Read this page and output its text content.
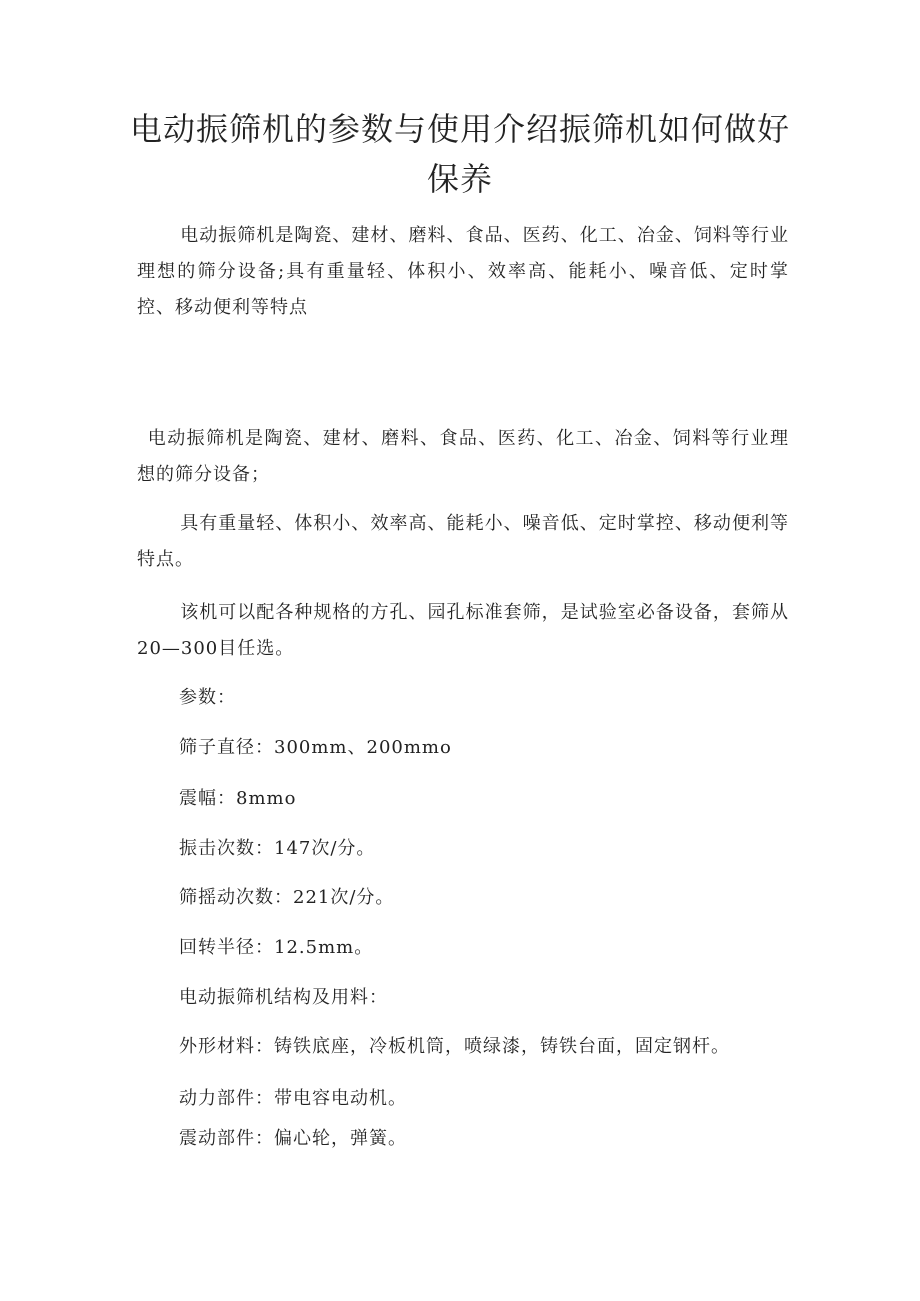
电动振筛机的参数与使用介绍振筛机如何做好保养

电动振筛机是陶瓷、建材、磨料、食品、医药、化工、冶金、饲料等行业理想的筛分设备;具有重量轻、体积小、效率高、能耗小、噪音低、定时掌控、移动便利等特点

电动振筛机是陶瓷、建材、磨料、食品、医药、化工、冶金、饲料等行业理想的筛分设备；

具有重量轻、体积小、效率高、能耗小、噪音低、定时掌控、移动便利等特点。

该机可以配各种规格的方孔、园孔标准套筛，是试验室必备设备，套筛从20—300目任选。

参数：

筛子直径：300mm、200mmo

震幅：8mmo

振击次数：147次/分。

筛摇动次数：221次/分。

回转半径：12.5mm。

电动振筛机结构及用料：

外形材料：铸铁底座，冷板机筒，喷绿漆，铸铁台面，固定钢杆。

动力部件：带电容电动机。

震动部件：偏心轮，弹簧。
